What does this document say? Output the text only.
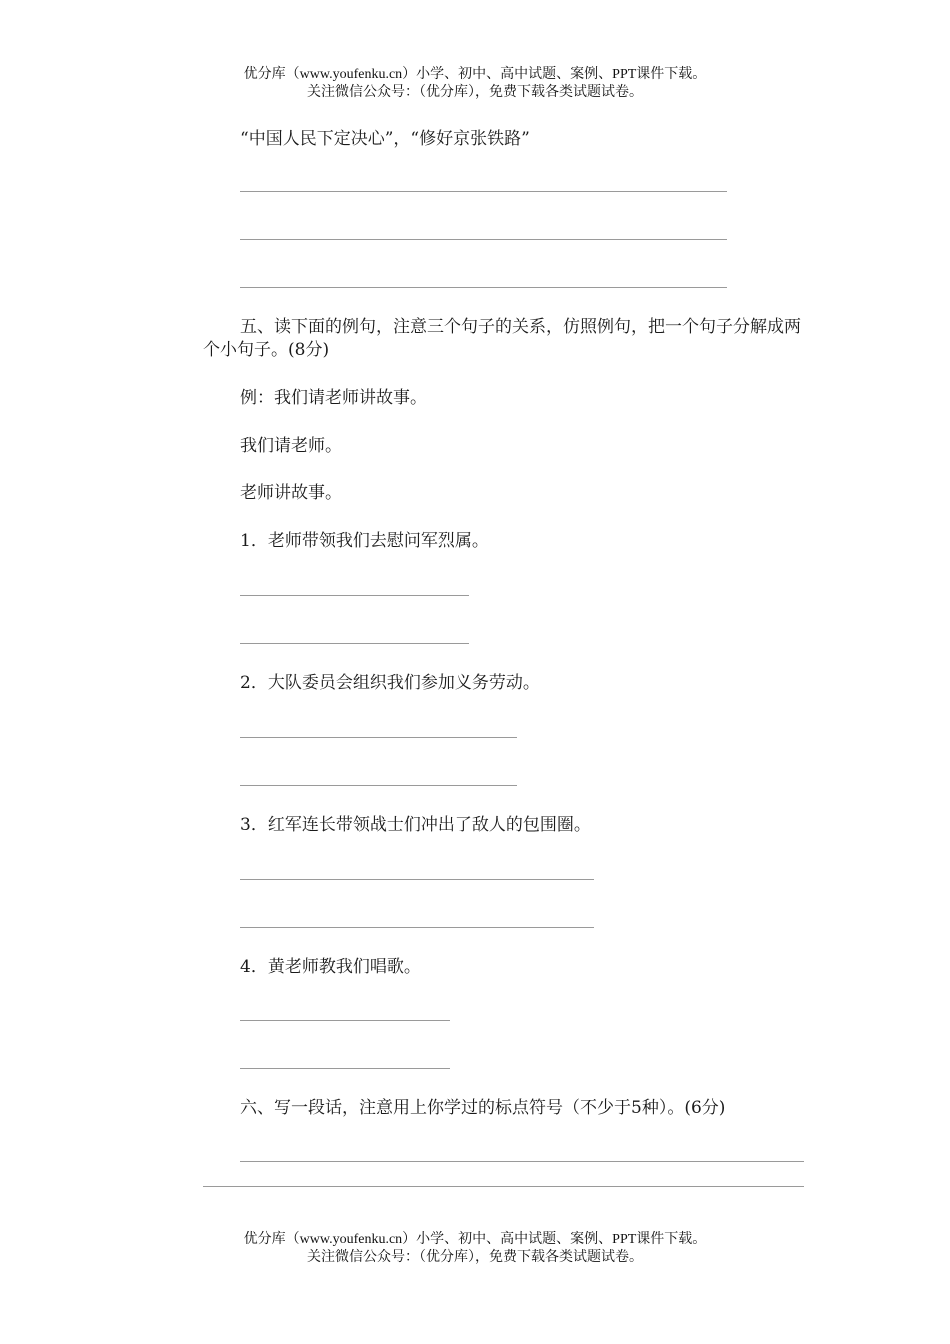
优分库（www.youfenku.cn）小学、初中、高中试题、案例、PPT课件下载。
关注微信公众号：（优分库），免费下载各类试题试卷。
“中国人民下定决心”，“修好京张铁路”
五、读下面的例句，注意三个句子的关系，仿照例句，把一个句子分解成两个小句子。(8分)
例：我们请老师讲故事。
我们请老师。
老师讲故事。
1．老师带领我们去慰问军烈属。
2．大队委员会组织我们参加义务劳动。
3．红军连长带领战士们冲出了敌人的包围圈。
4．黄老师教我们唱歌。
六、写一段话，注意用上你学过的标点符号（不少于5种）。(6分)
优分库（www.youfenku.cn）小学、初中、高中试题、案例、PPT课件下载。
关注微信公众号：（优分库），免费下载各类试题试卷。
